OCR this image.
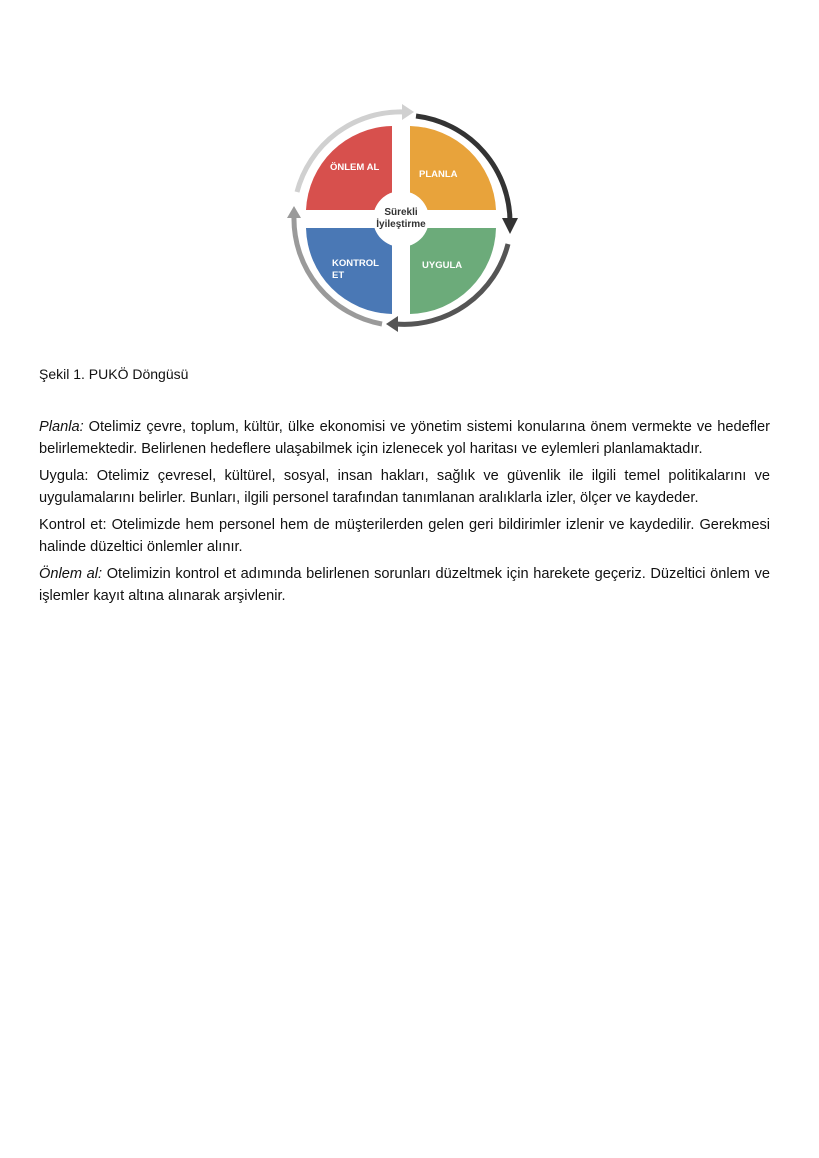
Sürekli
İyileştirme
ÖNLEM AL
PLANLA
KONTROL
ET
UYGULA

Şekil 1. PUKÖ Döngüsü

Planla: Otelimiz çevre, toplum, kültür, ülke ekonomisi ve yönetim sistemi konularına önem vermekte ve hedefler belirlemektedir. Belirlenen hedeflere ulaşabilmek için izlenecek yol haritası ve eylemleri planlamaktadır.

Uygula: Otelimiz çevresel, kültürel, sosyal, insan hakları, sağlık ve güvenlik ile ilgili temel politikalarını ve uygulamalarını belirler. Bunları, ilgili personel tarafından tanımlanan aralıklarla izler, ölçer ve kaydeder.

Kontrol et: Otelimizde hem personel hem de müşterilerden gelen geri bildirimler izlenir ve kaydedilir. Gerekmesi halinde düzeltici önlemler alınır.

Önlem al: Otelimizin kontrol et adımında belirlenen sorunları düzeltmek için harekete geçeriz. Düzeltici önlem ve işlemler kayıt altına alınarak arşivlenir.
